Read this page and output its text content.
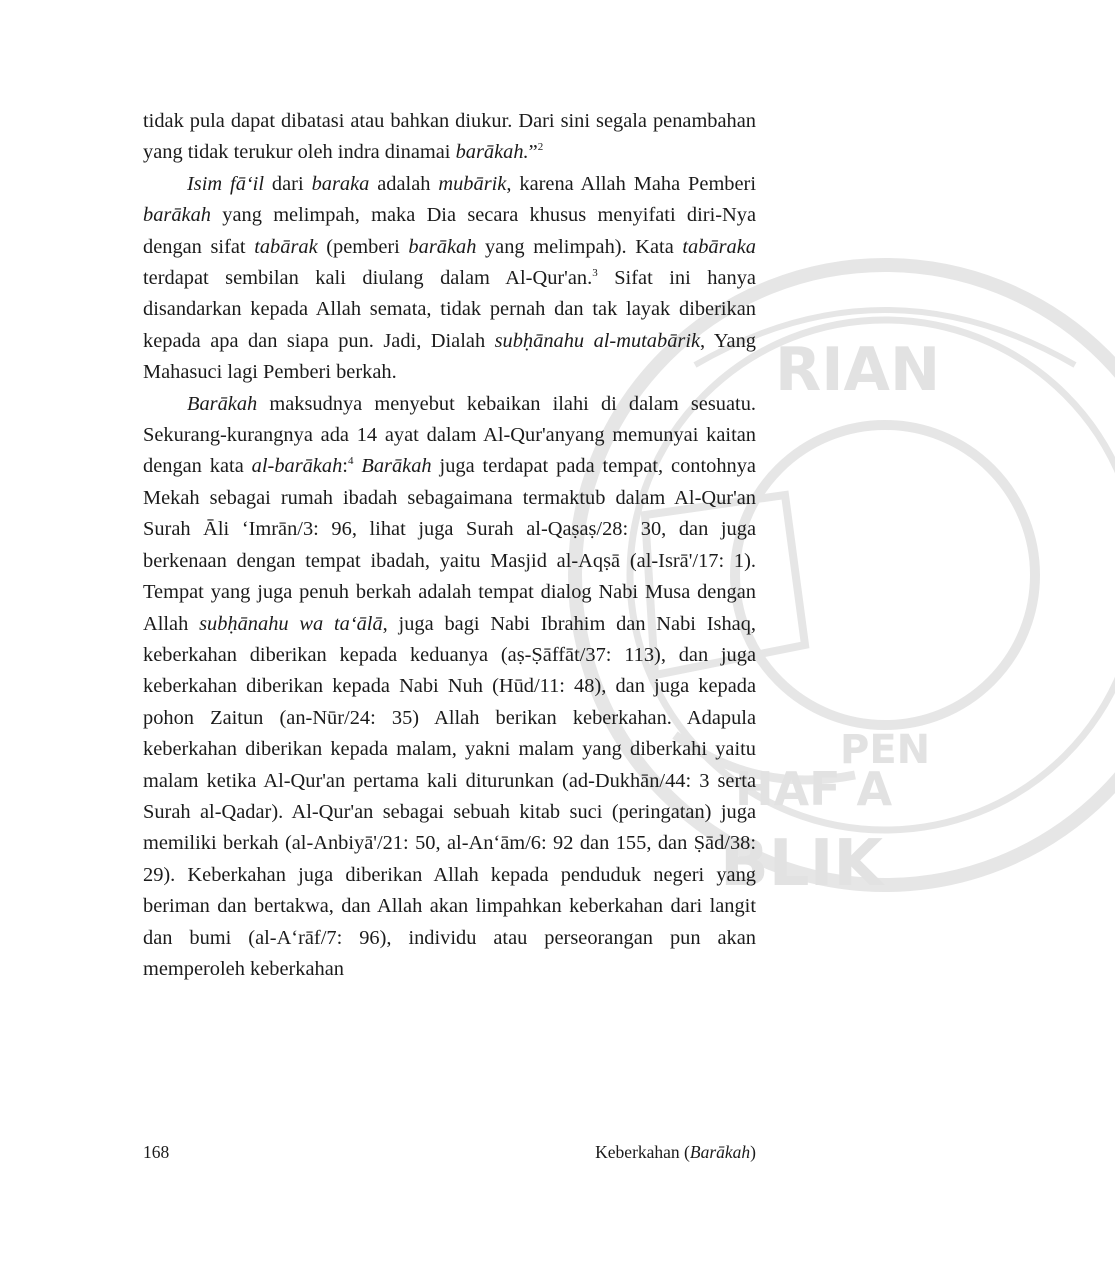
RIAN
PEN
HAF A
BLIK

tidak pula dapat dibatasi atau bahkan diukur. Dari sini segala penambahan yang tidak terukur oleh indra dinamai barākah.”$^2$

Isim fā‘il dari baraka adalah mubārik, karena Allah Maha Pemberi barākah yang melimpah, maka Dia secara khusus menyifati diri-Nya dengan sifat tabārak (pemberi barākah yang melimpah). Kata tabāraka terdapat sembilan kali diulang dalam Al-Qur'an.$^3$ Sifat ini hanya disandarkan kepada Allah semata, tidak pernah dan tak layak diberikan kepada apa dan siapa pun. Jadi, Dialah subḥānahu al-mutabārik, Yang Mahasuci lagi Pemberi berkah.

Barākah maksudnya menyebut kebaikan ilahi di dalam sesuatu. Sekurang-kurangnya ada 14 ayat dalam Al-Qur'anyang memunyai kaitan dengan kata al-barākah:$^4$ Barākah juga terdapat pada tempat, contohnya Mekah sebagai rumah ibadah sebagaimana termaktub dalam Al-Qur'an Surah Āli ‘Imrān/3: 96, lihat juga Surah al-Qaṣaṣ/28: 30, dan juga berkenaan dengan tempat ibadah, yaitu Masjid al-Aqṣā (al-Isrā'/17: 1). Tempat yang juga penuh berkah adalah tempat dialog Nabi Musa dengan Allah subḥānahu wa ta‘ālā, juga bagi Nabi Ibrahim dan Nabi Ishaq, keberkahan diberikan kepada keduanya (aṣ-Ṣāffāt/37: 113), dan juga keberkahan diberikan kepada Nabi Nuh (Hūd/11: 48), dan juga kepada pohon Zaitun (an-Nūr/24: 35) Allah berikan keberkahan. Adapula keberkahan diberikan kepada malam, yakni malam yang diberkahi yaitu malam ketika Al-Qur'an pertama kali diturunkan (ad-Dukhān/44: 3 serta Surah al-Qadar). Al-Qur'an sebagai sebuah kitab suci (peringatan) juga memiliki berkah (al-Anbiyā'/21: 50, al-An‘ām/6: 92 dan 155, dan Ṣād/38: 29). Keberkahan juga diberikan Allah kepada penduduk negeri yang beriman dan bertakwa, dan Allah akan limpahkan keberkahan dari langit dan bumi (al-A‘rāf/7: 96), individu atau perseorangan pun akan memperoleh keberkahan

168	Keberkahan (Barākah)
